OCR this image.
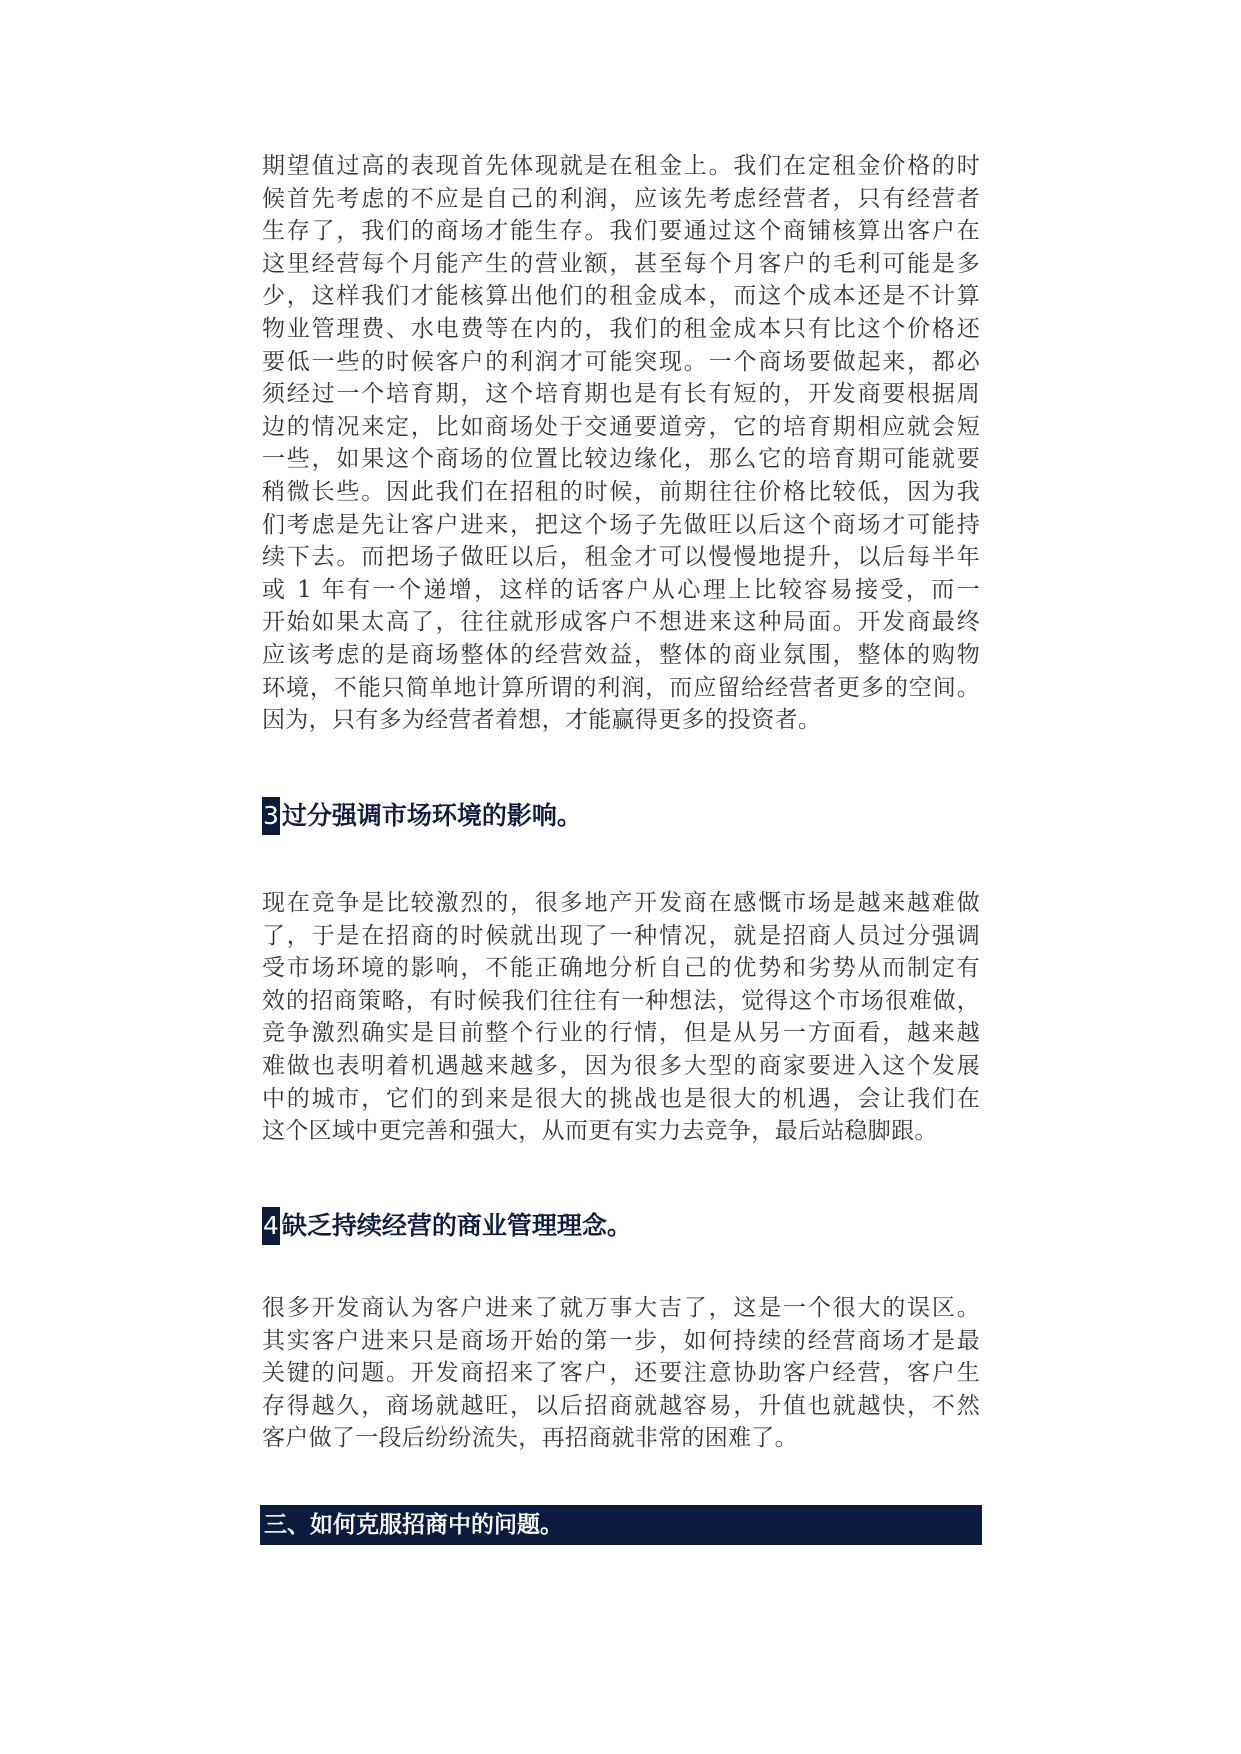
期望值过高的表现首先体现就是在租金上。我们在定租金价格的时
候首先考虑的不应是自己的利润，应该先考虑经营者，只有经营者
生存了，我们的商场才能生存。我们要通过这个商铺核算出客户在
这里经营每个月能产生的营业额，甚至每个月客户的毛利可能是多
少，这样我们才能核算出他们的租金成本，而这个成本还是不计算
物业管理费、水电费等在内的，我们的租金成本只有比这个价格还
要低一些的时候客户的利润才可能突现。一个商场要做起来，都必
须经过一个培育期，这个培育期也是有长有短的，开发商要根据周
边的情况来定，比如商场处于交通要道旁，它的培育期相应就会短
一些，如果这个商场的位置比较边缘化，那么它的培育期可能就要
稍微长些。因此我们在招租的时候，前期往往价格比较低，因为我
们考虑是先让客户进来，把这个场子先做旺以后这个商场才可能持
续下去。而把场子做旺以后，租金才可以慢慢地提升，以后每半年
或 1 年有一个递增，这样的话客户从心理上比较容易接受，而一
开始如果太高了，往往就形成客户不想进来这种局面。开发商最终
应该考虑的是商场整体的经营效益，整体的商业氛围，整体的购物
环境，不能只简单地计算所谓的利润，而应留给经营者更多的空间。
因为，只有多为经营者着想，才能赢得更多的投资者。
3 过分强调市场环境的影响。
现在竞争是比较激烈的，很多地产开发商在感慨市场是越来越难做
了，于是在招商的时候就出现了一种情况，就是招商人员过分强调
受市场环境的影响，不能正确地分析自己的优势和劣势从而制定有
效的招商策略，有时候我们往往有一种想法，觉得这个市场很难做，
竞争激烈确实是目前整个行业的行情，但是从另一方面看，越来越
难做也表明着机遇越来越多，因为很多大型的商家要进入这个发展
中的城市，它们的到来是很大的挑战也是很大的机遇，会让我们在
这个区域中更完善和强大，从而更有实力去竞争，最后站稳脚跟。
4 缺乏持续经营的商业管理理念。
很多开发商认为客户进来了就万事大吉了，这是一个很大的误区。
其实客户进来只是商场开始的第一步，如何持续的经营商场才是最
关键的问题。开发商招来了客户，还要注意协助客户经营，客户生
存得越久，商场就越旺，以后招商就越容易，升值也就越快，不然
客户做了一段后纷纷流失，再招商就非常的困难了。
三、如何克服招商中的问题。
